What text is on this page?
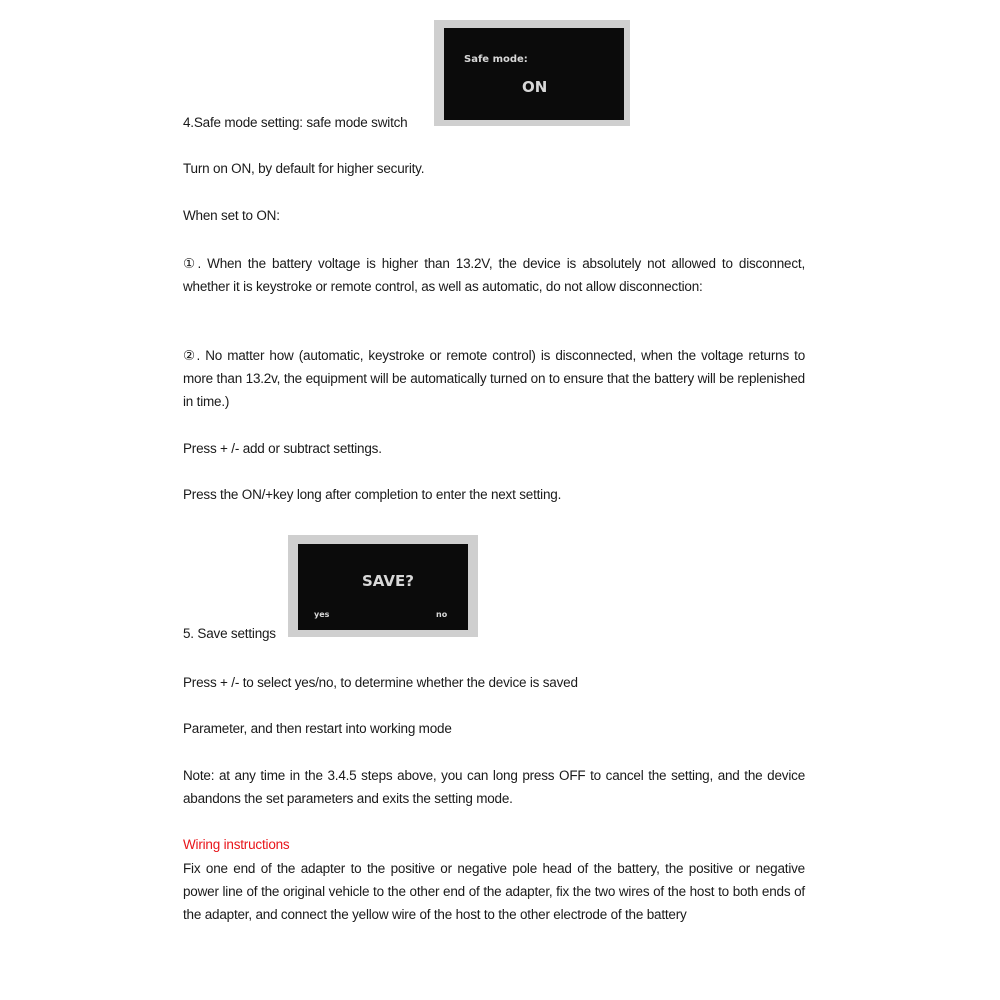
Safe mode:
ON

4.Safe mode setting: safe mode switch

Turn on ON, by default for higher security.

When set to ON:

①. When the battery voltage is higher than 13.2V, the device is absolutely not allowed to disconnect, whether it is keystroke or remote control, as well as automatic, do not allow disconnection:

②. No matter how (automatic, keystroke or remote control) is disconnected, when the voltage returns to more than 13.2v, the equipment will be automatically turned on to ensure that the battery will be replenished in time.)

Press + /- add or subtract settings.

Press the ON/+key long after completion to enter the next setting.

SAVE?
yes	no

5. Save settings

Press + /- to select yes/no, to determine whether the device is saved

Parameter, and then restart into working mode

Note: at any time in the 3.4.5 steps above, you can long press OFF to cancel the setting, and the device abandons the set parameters and exits the setting mode.

Wiring instructions

Fix one end of the adapter to the positive or negative pole head of the battery, the positive or negative power line of the original vehicle to the other end of the adapter, fix the two wires of the host to both ends of the adapter, and connect the yellow wire of the host to the other electrode of the battery
